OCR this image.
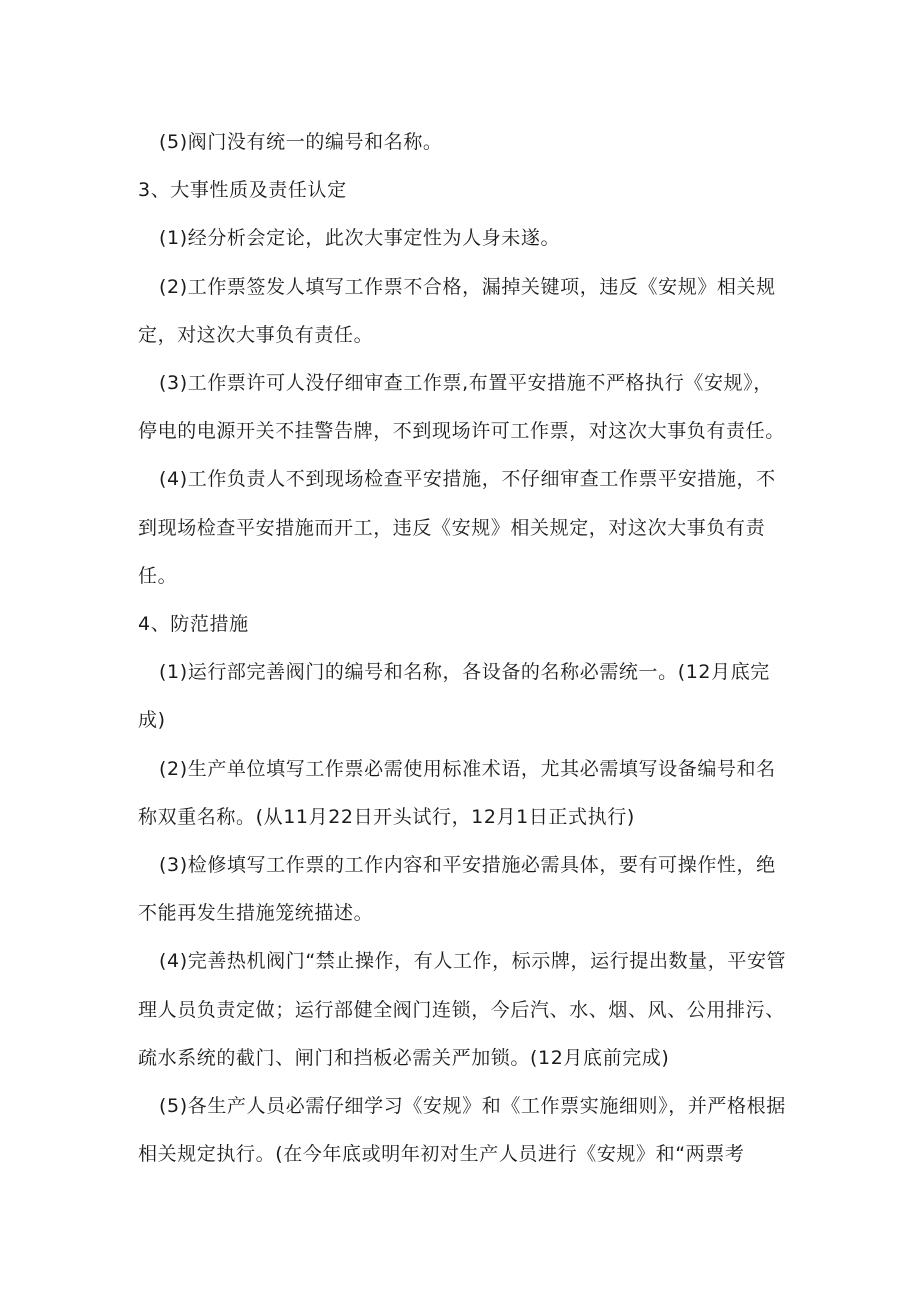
(5)阀门没有统一的编号和名称。

3、大事性质及责任认定

(1)经分析会定论，此次大事定性为人身未遂。

(2)工作票签发人填写工作票不合格，漏掉关键项，违反《安规》相关规定，对这次大事负有责任。

(3)工作票许可人没仔细审查工作票,布置平安措施不严格执行《安规》，停电的电源开关不挂警告牌，不到现场许可工作票，对这次大事负有责任。

(4)工作负责人不到现场检查平安措施，不仔细审查工作票平安措施，不到现场检查平安措施而开工，违反《安规》相关规定，对这次大事负有责任。

4、防范措施

(1)运行部完善阀门的编号和名称，各设备的名称必需统一。(12月底完成)

(2)生产单位填写工作票必需使用标准术语，尤其必需填写设备编号和名称双重名称。(从11月22日开头试行，12月1日正式执行)

(3)检修填写工作票的工作内容和平安措施必需具体，要有可操作性，绝不能再发生措施笼统描述。

(4)完善热机阀门“禁止操作，有人工作，标示牌，运行提出数量，平安管理人员负责定做；运行部健全阀门连锁，今后汽、水、烟、风、公用排污、疏水系统的截门、闸门和挡板必需关严加锁。(12月底前完成)

(5)各生产人员必需仔细学习《安规》和《工作票实施细则》，并严格根据相关规定执行。(在今年底或明年初对生产人员进行《安规》和“两票考
